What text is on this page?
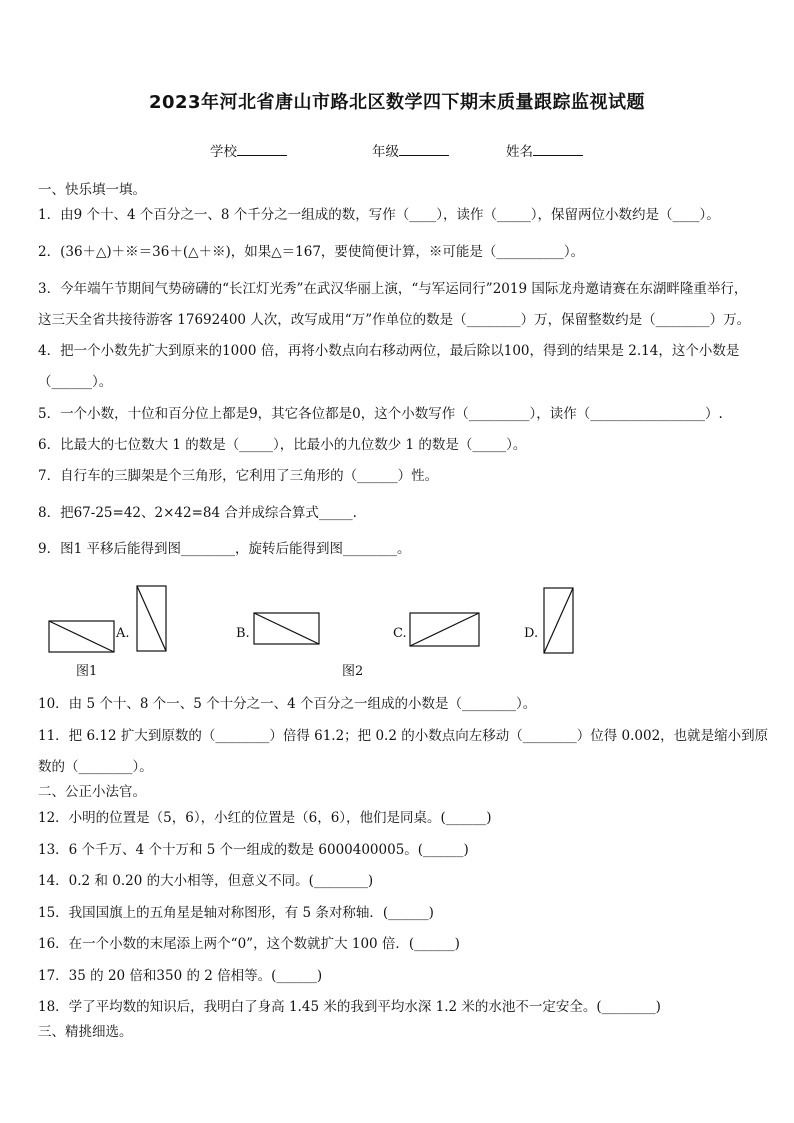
2023年河北省唐山市路北区数学四下期末质量跟踪监视试题
学校	年级	姓名
一、快乐填一填。
1．由9 个十、4 个百分之一、8 个千分之一组成的数，写作（____），读作（_____），保留两位小数约是（____）。
2．(36＋△)＋※＝36＋(△＋※)，如果△＝167，要使简便计算，※可能是（__________）。
3．今年端午节期间气势磅礴的“长江灯光秀”在武汉华丽上演，“与军运同行”2019 国际龙舟邀请赛在东湖畔隆重举行，
这三天全省共接待游客 17692400 人次，改写成用“万”作单位的数是（________）万，保留整数约是（________）万。
4．把一个小数先扩大到原来的1000 倍，再将小数点向右移动两位，最后除以100，得到的结果是 2.14，这个小数是
（______）。
5．一个小数，十位和百分位上都是9，其它各位都是0，这个小数写作（_________），读作（_________________）.
6．比最大的七位数大 1 的数是（_____），比最小的九位数少 1 的数是（_____）。
7．自行车的三脚架是个三角形，它利用了三角形的（______）性。
8．把67-25=42、2×42=84 合并成综合算式_____.
9．图1 平移后能得到图________，旋转后能得到图________。
A.	B.	C.	D.
图1	图2
10．由 5 个十、8 个一、5 个十分之一、4 个百分之一组成的小数是（________）。
11．把 6.12 扩大到原数的（________）倍得 61.2；把 0.2 的小数点向左移动（________）位得 0.002，也就是缩小到原
数的（________）。
二、公正小法官。
12．小明的位置是（5，6），小红的位置是（6，6），他们是同桌。(______)
13．6 个千万、4 个十万和 5 个一组成的数是 6000400005。(______)
14．0.2 和 0.20 的大小相等，但意义不同。(________)
15．我国国旗上的五角星是轴对称图形，有 5 条对称轴．(______)
16．在一个小数的末尾添上两个“0”，这个数就扩大 100 倍．(______)
17．35 的 20 倍和350 的 2 倍相等。(______)
18．学了平均数的知识后，我明白了身高 1.45 米的我到平均水深 1.2 米的水池不一定安全。(________)
三、精挑细选。
